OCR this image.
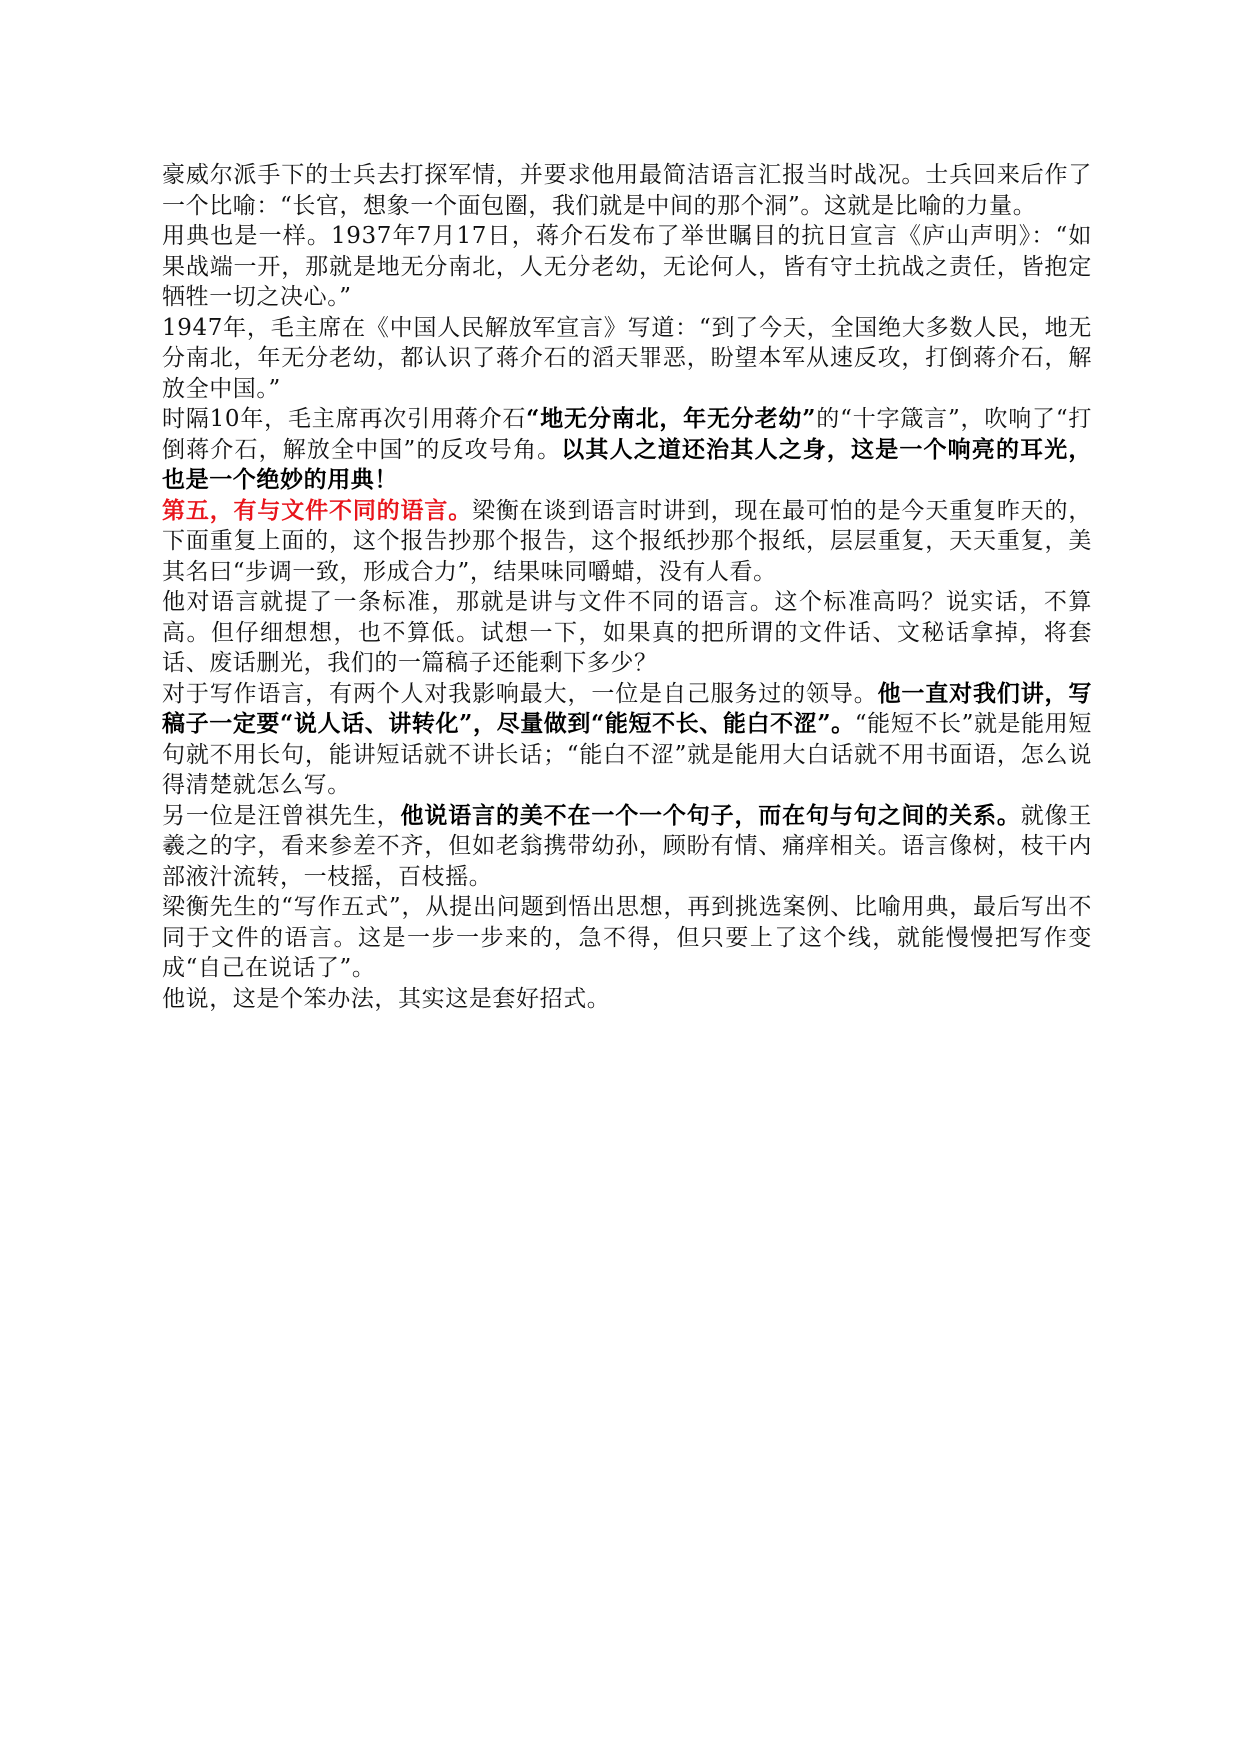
豪威尔派手下的士兵去打探军情，并要求他用最简洁语言汇报当时战况。士兵回来后作了一个比喻：“长官，想象一个面包圈，我们就是中间的那个洞”。这就是比喻的力量。

用典也是一样。1937年7月17日，蒋介石发布了举世瞩目的抗日宣言《庐山声明》：“如果战端一开，那就是地无分南北，人无分老幼，无论何人，皆有守土抗战之责任，皆抱定牺牲一切之决心。”

1947年，毛主席在《中国人民解放军宣言》写道：“到了今天，全国绝大多数人民，地无分南北，年无分老幼，都认识了蒋介石的滔天罪恶，盼望本军从速反攻，打倒蒋介石，解放全中国。”

时隔10年，毛主席再次引用蒋介石“地无分南北，年无分老幼”的“十字箴言”，吹响了“打倒蒋介石，解放全中国”的反攻号角。以其人之道还治其人之身，这是一个响亮的耳光，也是一个绝妙的用典！

第五，有与文件不同的语言。梁衡在谈到语言时讲到，现在最可怕的是今天重复昨天的，下面重复上面的，这个报告抄那个报告，这个报纸抄那个报纸，层层重复，天天重复，美其名曰“步调一致，形成合力”，结果味同嚼蜡，没有人看。

他对语言就提了一条标准，那就是讲与文件不同的语言。这个标准高吗？说实话，不算高。但仔细想想，也不算低。试想一下，如果真的把所谓的文件话、文秘话拿掉，将套话、废话删光，我们的一篇稿子还能剩下多少？

对于写作语言，有两个人对我影响最大，一位是自己服务过的领导。他一直对我们讲，写稿子一定要“说人话、讲转化”，尽量做到“能短不长、能白不涩”。“能短不长”就是能用短句就不用长句，能讲短话就不讲长话；“能白不涩”就是能用大白话就不用书面语，怎么说得清楚就怎么写。

另一位是汪曾祺先生，他说语言的美不在一个一个句子，而在句与句之间的关系。就像王羲之的字，看来参差不齐，但如老翁携带幼孙，顾盼有情、痛痒相关。语言像树，枝干内部液汁流转，一枝摇，百枝摇。

梁衡先生的“写作五式”，从提出问题到悟出思想，再到挑选案例、比喻用典，最后写出不同于文件的语言。这是一步一步来的，急不得，但只要上了这个线，就能慢慢把写作变成“自己在说话了”。

他说，这是个笨办法，其实这是套好招式。
